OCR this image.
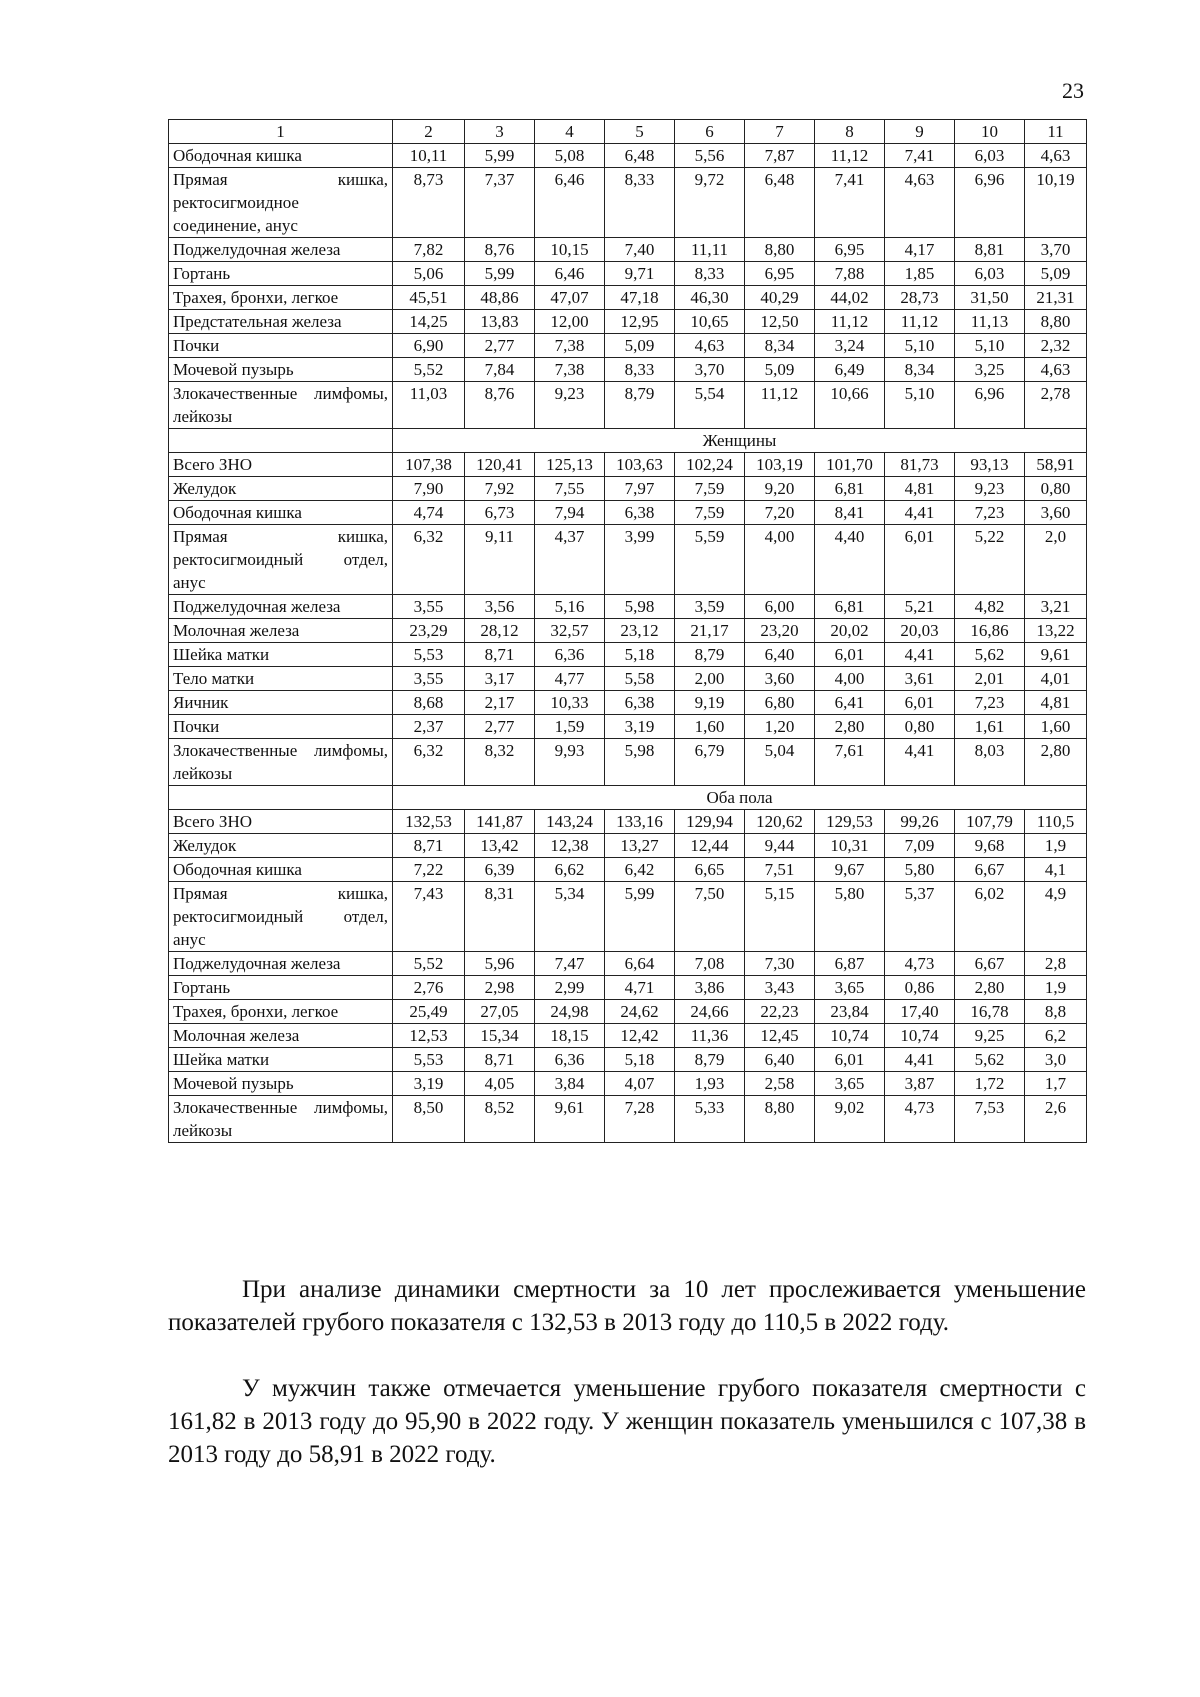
23
1	2	3	4	5	6	7	8	9	10	11
Ободочная кишка	10,11	5,99	5,08	6,48	5,56	7,87	11,12	7,41	6,03	4,63
Прямая кишка, ректосигмоидное соединение, анус	8,73	7,37	6,46	8,33	9,72	6,48	7,41	4,63	6,96	10,19
Поджелудочная железа	7,82	8,76	10,15	7,40	11,11	8,80	6,95	4,17	8,81	3,70
Гортань	5,06	5,99	6,46	9,71	8,33	6,95	7,88	1,85	6,03	5,09
Трахея, бронхи, легкое	45,51	48,86	47,07	47,18	46,30	40,29	44,02	28,73	31,50	21,31
Предстательная железа	14,25	13,83	12,00	12,95	10,65	12,50	11,12	11,12	11,13	8,80
Почки	6,90	2,77	7,38	5,09	4,63	8,34	3,24	5,10	5,10	2,32
Мочевой пузырь	5,52	7,84	7,38	8,33	3,70	5,09	6,49	8,34	3,25	4,63
Злокачественные лимфомы, лейкозы	11,03	8,76	9,23	8,79	5,54	11,12	10,66	5,10	6,96	2,78
	Женщины									
Всего ЗНО	107,38	120,41	125,13	103,63	102,24	103,19	101,70	81,73	93,13	58,91
Желудок	7,90	7,92	7,55	7,97	7,59	9,20	6,81	4,81	9,23	0,80
Ободочная кишка	4,74	6,73	7,94	6,38	7,59	7,20	8,41	4,41	7,23	3,60
Прямая кишка, ректосигмоидный отдел, анус	6,32	9,11	4,37	3,99	5,59	4,00	4,40	6,01	5,22	2,0
Поджелудочная железа	3,55	3,56	5,16	5,98	3,59	6,00	6,81	5,21	4,82	3,21
Молочная железа	23,29	28,12	32,57	23,12	21,17	23,20	20,02	20,03	16,86	13,22
Шейка матки	5,53	8,71	6,36	5,18	8,79	6,40	6,01	4,41	5,62	9,61
Тело матки	3,55	3,17	4,77	5,58	2,00	3,60	4,00	3,61	2,01	4,01
Яичник	8,68	2,17	10,33	6,38	9,19	6,80	6,41	6,01	7,23	4,81
Почки	2,37	2,77	1,59	3,19	1,60	1,20	2,80	0,80	1,61	1,60
Злокачественные лимфомы, лейкозы	6,32	8,32	9,93	5,98	6,79	5,04	7,61	4,41	8,03	2,80
	Оба пола									
Всего ЗНО	132,53	141,87	143,24	133,16	129,94	120,62	129,53	99,26	107,79	110,5
Желудок	8,71	13,42	12,38	13,27	12,44	9,44	10,31	7,09	9,68	1,9
Ободочная кишка	7,22	6,39	6,62	6,42	6,65	7,51	9,67	5,80	6,67	4,1
Прямая кишка, ректосигмоидный отдел, анус	7,43	8,31	5,34	5,99	7,50	5,15	5,80	5,37	6,02	4,9
Поджелудочная железа	5,52	5,96	7,47	6,64	7,08	7,30	6,87	4,73	6,67	2,8
Гортань	2,76	2,98	2,99	4,71	3,86	3,43	3,65	0,86	2,80	1,9
Трахея, бронхи, легкое	25,49	27,05	24,98	24,62	24,66	22,23	23,84	17,40	16,78	8,8
Молочная железа	12,53	15,34	18,15	12,42	11,36	12,45	10,74	10,74	9,25	6,2
Шейка матки	5,53	8,71	6,36	5,18	8,79	6,40	6,01	4,41	5,62	3,0
Мочевой пузырь	3,19	4,05	3,84	4,07	1,93	2,58	3,65	3,87	1,72	1,7
Злокачественные лимфомы, лейкозы	8,50	8,52	9,61	7,28	5,33	8,80	9,02	4,73	7,53	2,6

При анализе динамики смертности за 10 лет прослеживается уменьшение показателей грубого показателя с 132,53 в 2013 году до 110,5 в 2022 году.

У мужчин также отмечается уменьшение грубого показателя смертности с 161,82 в 2013 году до 95,90 в 2022 году. У женщин показатель уменьшился с 107,38 в 2013 году до 58,91 в 2022 году.
